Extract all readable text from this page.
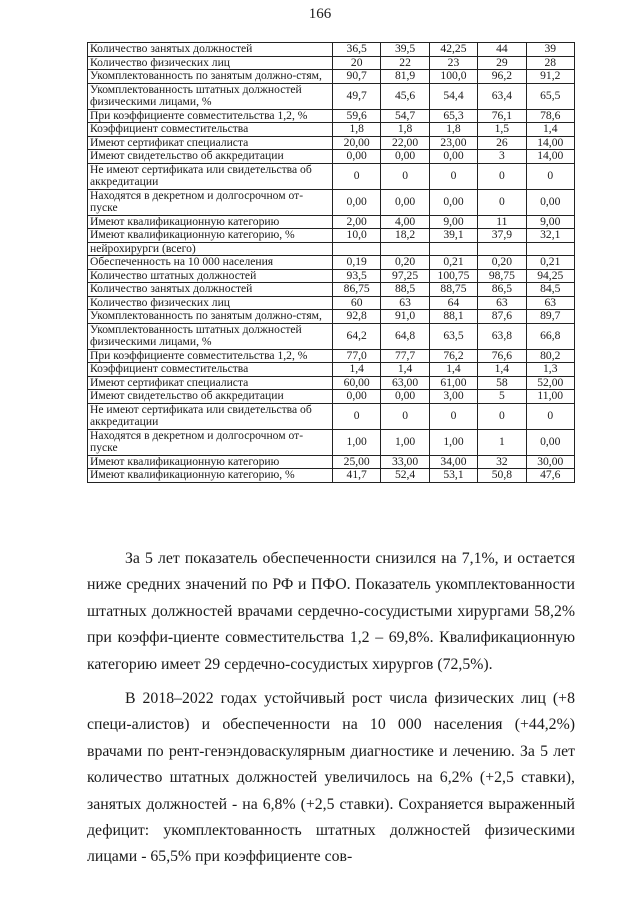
166
Количество занятых должностей	36,5	39,5	42,25	44	39
Количество физических лиц	20	22	23	29	28
Укомплектованность по занятым должно-стям,	90,7	81,9	100,0	96,2	91,2
Укомплектованность штатных должностей физическими лицами, %	49,7	45,6	54,4	63,4	65,5
При коэффициенте совместительства 1,2, %	59,6	54,7	65,3	76,1	78,6
Коэффициент совместительства	1,8	1,8	1,8	1,5	1,4
Имеют сертификат специалиста	20,00	22,00	23,00	26	14,00
Имеют свидетельство об аккредитации	0,00	0,00	0,00	3	14,00
Не имеют сертификата или свидетельства об аккредитации	0	0	0	0	0
Находятся в декретном и долгосрочном от-пуске	0,00	0,00	0,00	0	0,00
Имеют квалификационную категорию	2,00	4,00	9,00	11	9,00
Имеют квалификационную категорию, %	10,0	18,2	39,1	37,9	32,1
нейрохирурги (всего)					
Обеспеченность на 10 000 населения	0,19	0,20	0,21	0,20	0,21
Количество штатных должностей	93,5	97,25	100,75	98,75	94,25
Количество занятых должностей	86,75	88,5	88,75	86,5	84,5
Количество физических лиц	60	63	64	63	63
Укомплектованность по занятым должно-стям,	92,8	91,0	88,1	87,6	89,7
Укомплектованность штатных должностей физическими лицами, %	64,2	64,8	63,5	63,8	66,8
При коэффициенте совместительства 1,2, %	77,0	77,7	76,2	76,6	80,2
Коэффициент совместительства	1,4	1,4	1,4	1,4	1,3
Имеют сертификат специалиста	60,00	63,00	61,00	58	52,00
Имеют свидетельство об аккредитации	0,00	0,00	3,00	5	11,00
Не имеют сертификата или свидетельства об аккредитации	0	0	0	0	0
Находятся в декретном и долгосрочном от-пуске	1,00	1,00	1,00	1	0,00
Имеют квалификационную категорию	25,00	33,00	34,00	32	30,00
Имеют квалификационную категорию, %	41,7	52,4	53,1	50,8	47,6

За 5 лет показатель обеспеченности снизился на 7,1%, и остается ниже средних значений по РФ и ПФО. Показатель укомплектованности штатных должностей врачами сердечно-сосудистыми хирургами 58,2% при коэффи-циенте совместительства 1,2 – 69,8%. Квалификационную категорию имеет 29 сердечно-сосудистых хирургов (72,5%).

В 2018–2022 годах устойчивый рост числа физических лиц (+8 специ-алистов) и обеспеченности на 10 000 населения (+44,2%) врачами по рент-генэндоваскулярным диагностике и лечению. За 5 лет количество штатных должностей увеличилось на 6,2% (+2,5 ставки), занятых должностей - на 6,8% (+2,5 ставки). Сохраняется выраженный дефицит: укомплектованность штатных должностей физическими лицами - 65,5% при коэффициенте сов-
